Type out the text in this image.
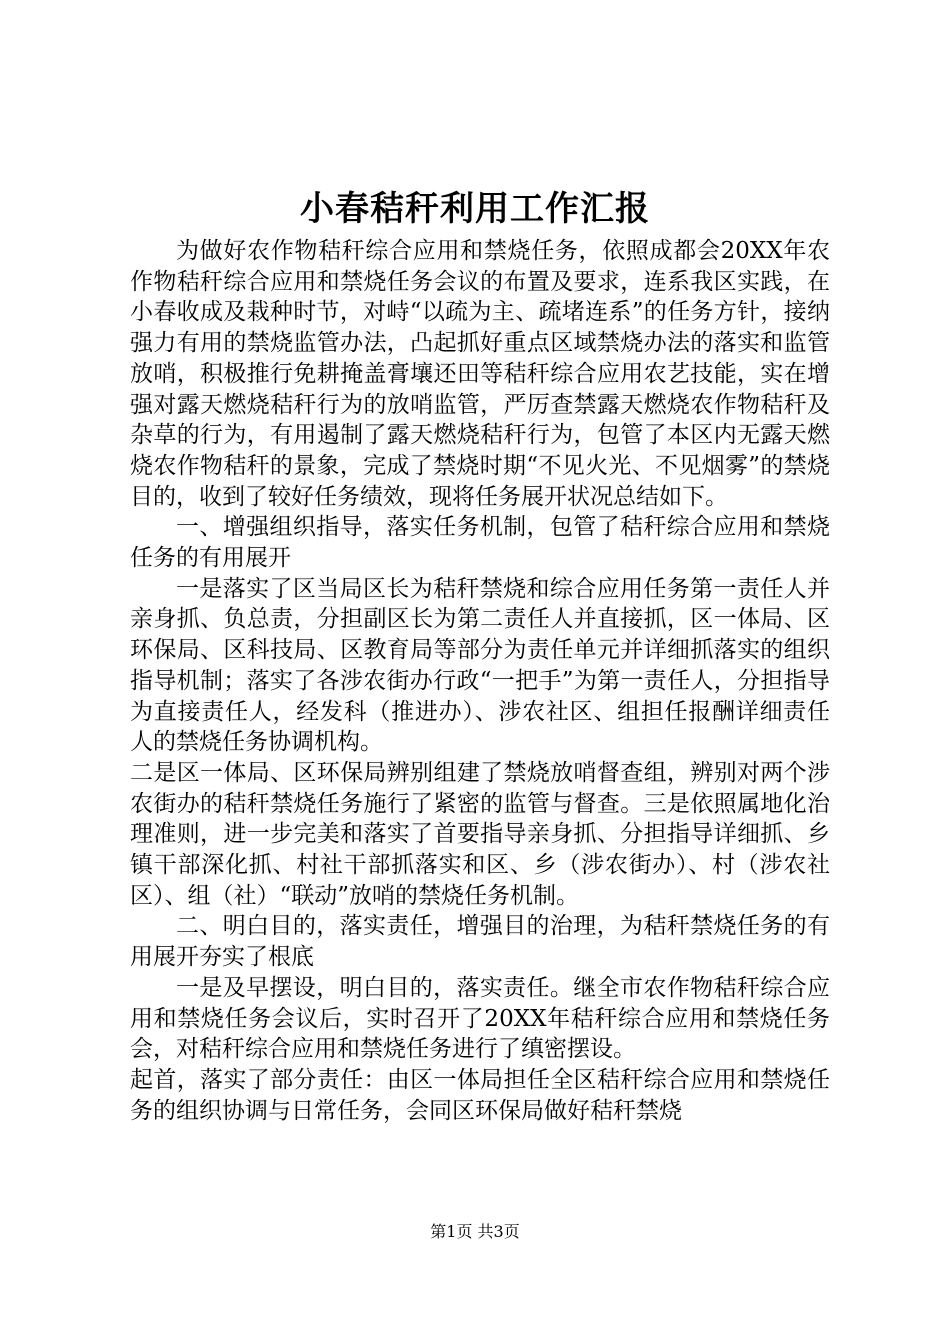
小春秸秆利用工作汇报

为做好农作物秸秆综合应用和禁烧任务，依照成都会20XX年农作物秸秆综合应用和禁烧任务会议的布置及要求，连系我区实践，在小春收成及栽种时节，对峙“以疏为主、疏堵连系”的任务方针，接纳强力有用的禁烧监管办法，凸起抓好重点区域禁烧办法的落实和监管放哨，积极推行免耕掩盖膏壤还田等秸秆综合应用农艺技能，实在增强对露天燃烧秸秆行为的放哨监管，严厉查禁露天燃烧农作物秸秆及杂草的行为，有用遏制了露天燃烧秸秆行为，包管了本区内无露天燃烧农作物秸秆的景象，完成了禁烧时期“不见火光、不见烟雾”的禁烧目的，收到了较好任务绩效，现将任务展开状况总结如下。

一、增强组织指导，落实任务机制，包管了秸秆综合应用和禁烧任务的有用展开

一是落实了区当局区长为秸秆禁烧和综合应用任务第一责任人并亲身抓、负总责，分担副区长为第二责任人并直接抓，区一体局、区环保局、区科技局、区教育局等部分为责任单元并详细抓落实的组织指导机制；落实了各涉农街办行政“一把手”为第一责任人，分担指导为直接责任人，经发科（推进办）、涉农社区、组担任报酬详细责任人的禁烧任务协调机构。

二是区一体局、区环保局辨别组建了禁烧放哨督查组，辨别对两个涉农街办的秸秆禁烧任务施行了紧密的监管与督查。三是依照属地化治理准则，进一步完美和落实了首要指导亲身抓、分担指导详细抓、乡镇干部深化抓、村社干部抓落实和区、乡（涉农街办）、村（涉农社区）、组（社）“联动”放哨的禁烧任务机制。

二、明白目的，落实责任，增强目的治理，为秸秆禁烧任务的有用展开夯实了根底

一是及早摆设，明白目的，落实责任。继全市农作物秸秆综合应用和禁烧任务会议后，实时召开了20XX年秸秆综合应用和禁烧任务会，对秸秆综合应用和禁烧任务进行了缜密摆设。

起首，落实了部分责任：由区一体局担任全区秸秆综合应用和禁烧任务的组织协调与日常任务，会同区环保局做好秸秆禁烧

第1页 共3页
